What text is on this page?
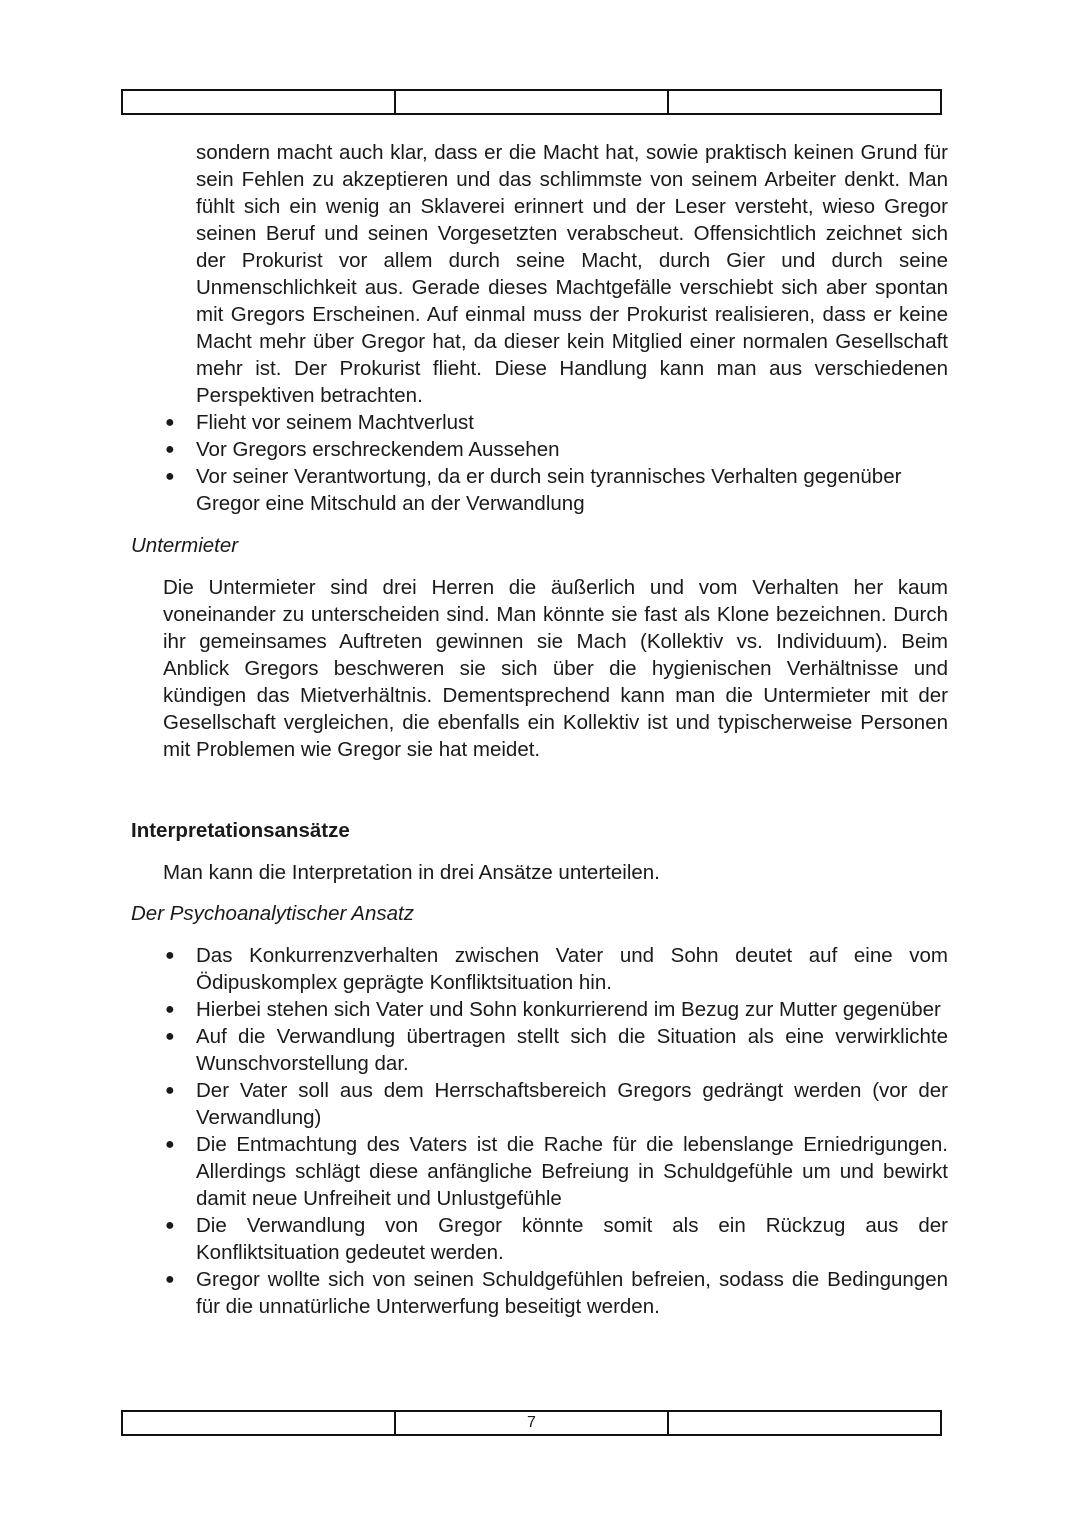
sondern macht auch klar, dass er die Macht hat, sowie praktisch keinen Grund für sein Fehlen zu akzeptieren und das schlimmste von seinem Arbeiter denkt. Man fühlt sich ein wenig an Sklaverei erinnert und der Leser versteht, wieso Gregor seinen Beruf und seinen Vorgesetzten verabscheut. Offensichtlich zeichnet sich der Prokurist vor allem durch seine Macht, durch Gier und durch seine Unmenschlichkeit aus. Gerade dieses Machtgefälle verschiebt sich aber spontan mit Gregors Erscheinen. Auf einmal muss der Prokurist realisieren, dass er keine Macht mehr über Gregor hat, da dieser kein Mitglied einer normalen Gesellschaft mehr ist. Der Prokurist flieht. Diese Handlung kann man aus verschiedenen Perspektiven betrachten.
● Flieht vor seinem Machtverlust
● Vor Gregors erschreckendem Aussehen
● Vor seiner Verantwortung, da er durch sein tyrannisches Verhalten gegenüber Gregor eine Mitschuld an der Verwandlung
Untermieter
Die Untermieter sind drei Herren die äußerlich und vom Verhalten her kaum voneinander zu unterscheiden sind. Man könnte sie fast als Klone bezeichnen. Durch ihr gemeinsames Auftreten gewinnen sie Mach (Kollektiv vs. Individuum). Beim Anblick Gregors beschweren sie sich über die hygienischen Verhältnisse und kündigen das Mietverhältnis. Dementsprechend kann man die Untermieter mit der Gesellschaft vergleichen, die ebenfalls ein Kollektiv ist und typischerweise Personen mit Problemen wie Gregor sie hat meidet.
Interpretationsansätze
Man kann die Interpretation in drei Ansätze unterteilen.
Der Psychoanalytischer Ansatz
● Das Konkurrenzverhalten zwischen Vater und Sohn deutet auf eine vom Ödipuskomplex geprägte Konfliktsituation hin.
● Hierbei stehen sich Vater und Sohn konkurrierend im Bezug zur Mutter gegenüber
● Auf die Verwandlung übertragen stellt sich die Situation als eine verwirklichte Wunschvorstellung dar.
● Der Vater soll aus dem Herrschaftsbereich Gregors gedrängt werden (vor der Verwandlung)
● Die Entmachtung des Vaters ist die Rache für die lebenslange Erniedrigungen. Allerdings schlägt diese anfängliche Befreiung in Schuldgefühle um und bewirkt damit neue Unfreiheit und Unlustgefühle
● Die Verwandlung von Gregor könnte somit als ein Rückzug aus der Konfliktsituation gedeutet werden.
● Gregor wollte sich von seinen Schuldgefühlen befreien, sodass die Bedingungen für die unnatürliche Unterwerfung beseitigt werden.
7
